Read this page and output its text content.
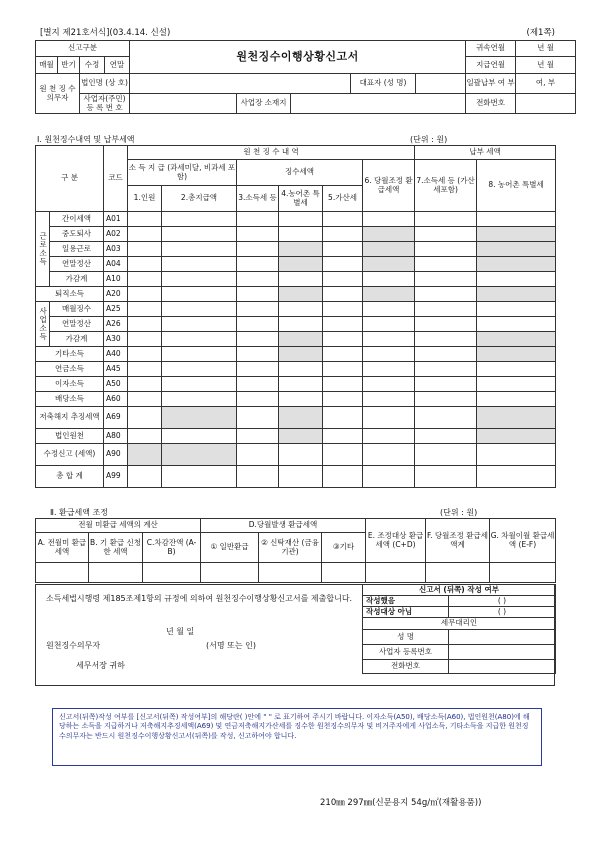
[별지 제21호서식](03.4.14. 신설)	(제1쪽)
신고구분				원천징수이행상황신고서					귀속연월	년 월
매월	반기	수정	연말						지급연월	년 월
원 천 징 수 의무자		법인명 (상 호)					대표자 (성 명)		일괄납부 여 부	여, 부
		사업자(주민) 등 록 번 호			사업장 소재지				전화번호	
Ⅰ. 원천징수내역 및 납부세액	(단위 : 원)
구 분		코드	원 천 징 수 내 역						납부 세액	
			소 득 지 급 (과세미달, 비과세 포함)		징수세액			6. 당월조정 환급세액	7.소득세 등 (가산세포함)	8. 농어촌 특별세
			1.인원	2.총지급액	3.소득세 등	4.농어촌 특별세	5.가산세			
근로소득	간이세액	A01								
	중도퇴사	A02								
	일용근로	A03								
	연말정산	A04								
	가감계	A10								
퇴직소득		A20								
사업소득	매월징수	A25								
	연말정산	A26								
	가감계	A30								
기타소득		A40								
연금소득		A45								
이자소득		A50								
배당소득		A60								
저축해지 추징세액		A69								
법인원천		A80								
수정신고 (세액)		A90								
총 합 계		A99								
Ⅱ. 환급세액 조정	(단위 : 원)
전월 미환급 세액의 계산			D.당월발생 환급세액			E. 조정대상 환급세액 (C+D)	F. 당월조정 환급세액계	G. 차월이월 환급세액 (E-F)
A. 전월미 환급세액	B. 기 환급 신청한 세액	C.차감잔액 (A-B)	① 일반환급	② 신탁재산 (금융기관)	③기타			

소득세법시행령 제185조제1항의 규정에 의하여 원천징수이행상황신고서를 제출합니다.
년 월 일
원천징수의무자	(서명 또는 인)
세무서장 귀하
신고서 (뒤쪽) 작성 여부	
작성했음	( )
작성대상 아님	( )
세무대리인	
성 명	
사업자 등록번호	
전화번호	
신고서(뒤쪽)작성 여부를 [신고서(뒤쪽) 작성여부]의 해당란( )안에 " " 로 표기하여 주시기 바랍니다. 이자소득(A50), 배당소득(A60), 법인원천(A80)에 해당하는 소득을 지급하거나 저축해지추징세액(A69) 및 연금저축해지가산세를 징수한 원천징수의무자 및 비거주자에게 사업소득, 기타소득을 지급한 원천징수의무자는 반드시 원천징수이행상황신고서(뒤쪽)를 작성, 신고하여야 합니다.
210㎜ 297㎜(신문용지 54g/㎡(재활용품))
